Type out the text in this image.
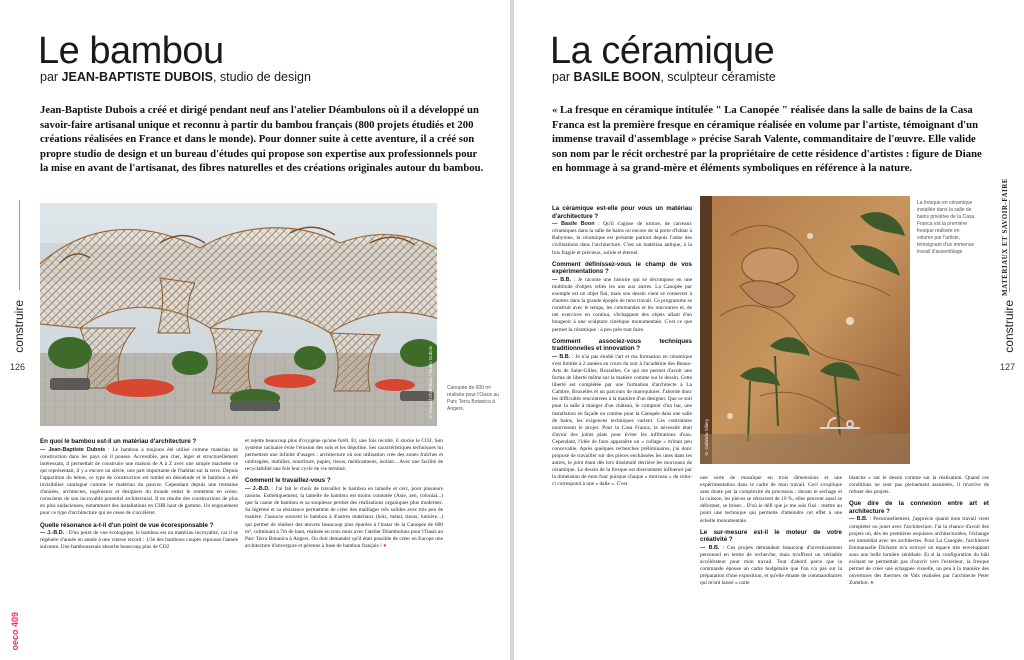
Le bambou
par JEAN-BAPTISTE DUBOIS, studio de design

Jean-Baptiste Dubois a créé et dirigé pendant neuf ans l'atelier Déambulons où il a développé un savoir-faire artisanal unique et reconnu à partir du bambou français (800 projets étudiés et 200 créations réalisées en France et dans le monde). Pour donner suite à cette aventure, il a créé son propre studio de design et un bureau d'études qui propose son expertise aux professionnels pour la mise en avant de l'artisanat, des fibres naturelles et des créations originales autour du bambou.

© Arnaud Chiffoleau / Studio Dubois	Canopée de 600 m² réalisée pour l'Oasis au Parc Terra Botanica à Angers.

En quoi le bambou est-il un matériau d'architecture ?
— Jean-Baptiste Dubois : Le bambou a toujours été utilisé comme matériau de construction dans les pays où il pousse. Accessible, peu cher, léger et structurellement intéressant, il permettait de construire une maison de A à Z avec une simple machette ce qui représentait, il y a encore un siècle, une part importante de l'habitat sur la terre. Depuis l'apparition du béton, ce type de construction est tombé en désuétude et le bambou a été invisibilisé catalogué comme le matériau du pauvre. Cependant depuis une trentaine d'années, architectes, ingénieurs et designers du monde entier le remettent en scène, conscients de son incroyable potentiel architectural. Il en résulte des constructions de plus en plus audacieuses, notamment des installations en CHR haut de gamme. Un engouement pour ce type d'architecture qui ne cesse de s'accélérer.
Quelle résonance a-t-il d'un point de vue écoresponsable ?
— J.-B.D. : D'un point de vue écologique, le bambou est un matériau incroyable, car il se régénère d'année en année à une vitesse record : 1/3e des bambous coupés repousse l'année suivante. Une bambouseraie absorbe beaucoup plus de CO2
et rejette beaucoup plus d'oxygène qu'une forêt. Et, une fois récolté, il stocke le CO2. Son système racinaire évite l'érosion des sols et les dépollue. Ses caractéristiques techniques lui permettent une infinité d'usages : architecture où son utilisation crée des zones fraîches et ombragées, mobilier, nourriture, papier, tissus, médicaments, isolant... Avec une facilité de recyclabilité une fois leur cycle de vie terminé.
Comment le travaillez-vous ?
— J.-B.D. : J'ai fait le choix de travailler le bambou en lamelle et cerc, pour plusieurs raisons. Esthétiquement, la lamelle de bambou est moins connotée (Asie, zen, colonial...) que la canne de bambou et sa souplesse permet des réalisations organiques plus modernes. Sa légèreté et sa résistance permettent de créer des maillages très solides avec très peu de matière. J'associe souvent le bambou à d'autres matériaux (bois, métal, tissus, lumière...) qui permet de réaliser des œuvres beaucoup plus épurées à l'instar de la Canopée de 600 m², culminant à 7m de haut, réalisée en trois mois avec l'atelier Déambulons pour l'Oasis au Parc Terra Botanica à Angers. Ou doit demander qu'il était possible de créer en Europe une architecture d'envergure et pérenne à base de bambou français ! ●
construire
126
oeco 409
La céramique
par BASILE BOON, sculpteur céramiste

« La fresque en céramique intitulée " La Canopée " réalisée dans la salle de bains de la Casa Franca est la première fresque en céramique réalisée en volume par l'artiste, témoignant d'un immense travail d'assemblage » précise Sarah Valente, commanditaire de l'œuvre. Elle valide son nom par le récit orchestré par la propriétaire de cette résidence d'artistes : figure de Diane en hommage à sa grand-mère et éléments symboliques en référence à la nature.

La céramique est-elle pour vous un matériau d'architecture ?
— Basile Boon : Qu'il s'agisse de toiture, de carreaux céramiques dans la salle de bains ou encore de la porte d'Ishtar à Babylone, la céramique est présente partout depuis l'aube des civilisations dans l'architecture. C'est un matériau antique, à la fois fragile et précieux, solide et éternel.
Comment définissez-vous le champ de vos expérimentations ?
— B.B. : Je raconte une histoire qui se décompose en une multitude d'objets reliés les uns aux autres. La Canopée par exemple est un objet fini, mais son dessin vient se connecter à d'autres dans la grande épopée de mon travail. Ce programme se construit avec le temps, les commandes et les rencontres et, de net exercices en continu, s'échappent des objets allant d'un bougeoir à une sculpture cinétique monumentale. C'est ce que permet la céramique : à peu près tout faire.
Comment associez-vous techniques traditionnelles et innovation ?
— B.B. : Je n'ai pas étudié l'art et ma formation en céramique s'est limitée à 2 années en cours du soir à l'académie des Beaux-Arts de Saint-Gilles, Bruxelles. Ce qui me permet d'avoir une forme de liberté même sur la matière comme sur le dessin. Cette liberté est complétée par une formation d'architecte à La Cambre, Bruxelles et un parcours de maroquinier. J'aborde donc les difficultés rencontrées à la manière d'un designer. Que ce soit pour la salle à manger d'un château, le comptoir d'un bar, une installation en façade ou comme pour la Canopée dans une salle de bains, les exigences techniques varient. Ces contraintes nourrissent le projet. Pour la Casa Franca, la nécessité était d'avoir des joints plats pour éviter les infiltrations d'eau. Cependant, l'idée de faire apparaître un « collage » m'était peu concevable. Après quelques recherches préliminaires, j'ai donc proposé de travailler sur des pièces enchâssées les unes dans les autres, le joint étant dès lors dissimulé derrière les morceaux de céramique. Le dessin de la fresque est directement influencé par la dimension de mon four puisque chaque « morceau » de celui-ci correspond à une « dalle ». C'est
© Gabriela Siliery

La fresque en céramique installée dans la salle de bains privative de la Casa Franca est la première fresque réalisée en volume par l'artiste, témoignant d'un immense travail d'assemblage

une sorte de mosaïque en trois dimensions et une expérimentation dans le cadre de mon travail. Ceci s'explique sans doute par la complexité du processus : durant le séchage et la cuisson, les pièces se rétractent de 10 %, elles peuvent aussi se déformer, se briser... D'où le défi que je me suis fixé : mettre au point une technique qui permette d'atteindre cet effet à une échelle monumentale.
Le sur-mesure est-il le moteur de votre créativité ?
— B.B. : Ces projets demandent beaucoup d'investissement personnel en terme de recherche, mais m'offrent un véritable accélérateur pour mon travail. Tout d'abord parce que la commande épouse un cadre budgétaire que l'on n'a pas sur la préparation d'une exposition, et qu'elle émane de commanditaires qui m'ont laissé « carte
blanche » sur le dessin comme sur la réalisation. Quand ces conditions ne sont pas pleinement assumées, il m'arrive de refuser des projets.
Que dire de la connexion entre art et architecture ?
— B.B. : Personnellement, j'apprécie quand mon travail vient compléter ou jouer avec l'architecture. J'ai la chance d'avoir des projets où, dès les premières esquisses architecturales, l'échange est immédiat avec les architectes. Pour La Canopée, l'architecte Emmanuelle Dicharte m'a octroyé un espace très enveloppant sous une belle lumière zénithale. Et si la configuration du bâti existant ne permettait pas d'ouvrir vers l'extérieur, la fresque permet de créer une échappée visuelle, un peu à la manière des ouvertures des thermes de Vals réalisées par l'architecte Peter Zumthor. ●
MATÉRIAUX ET SAVOIR-FAIRE
construire
127
